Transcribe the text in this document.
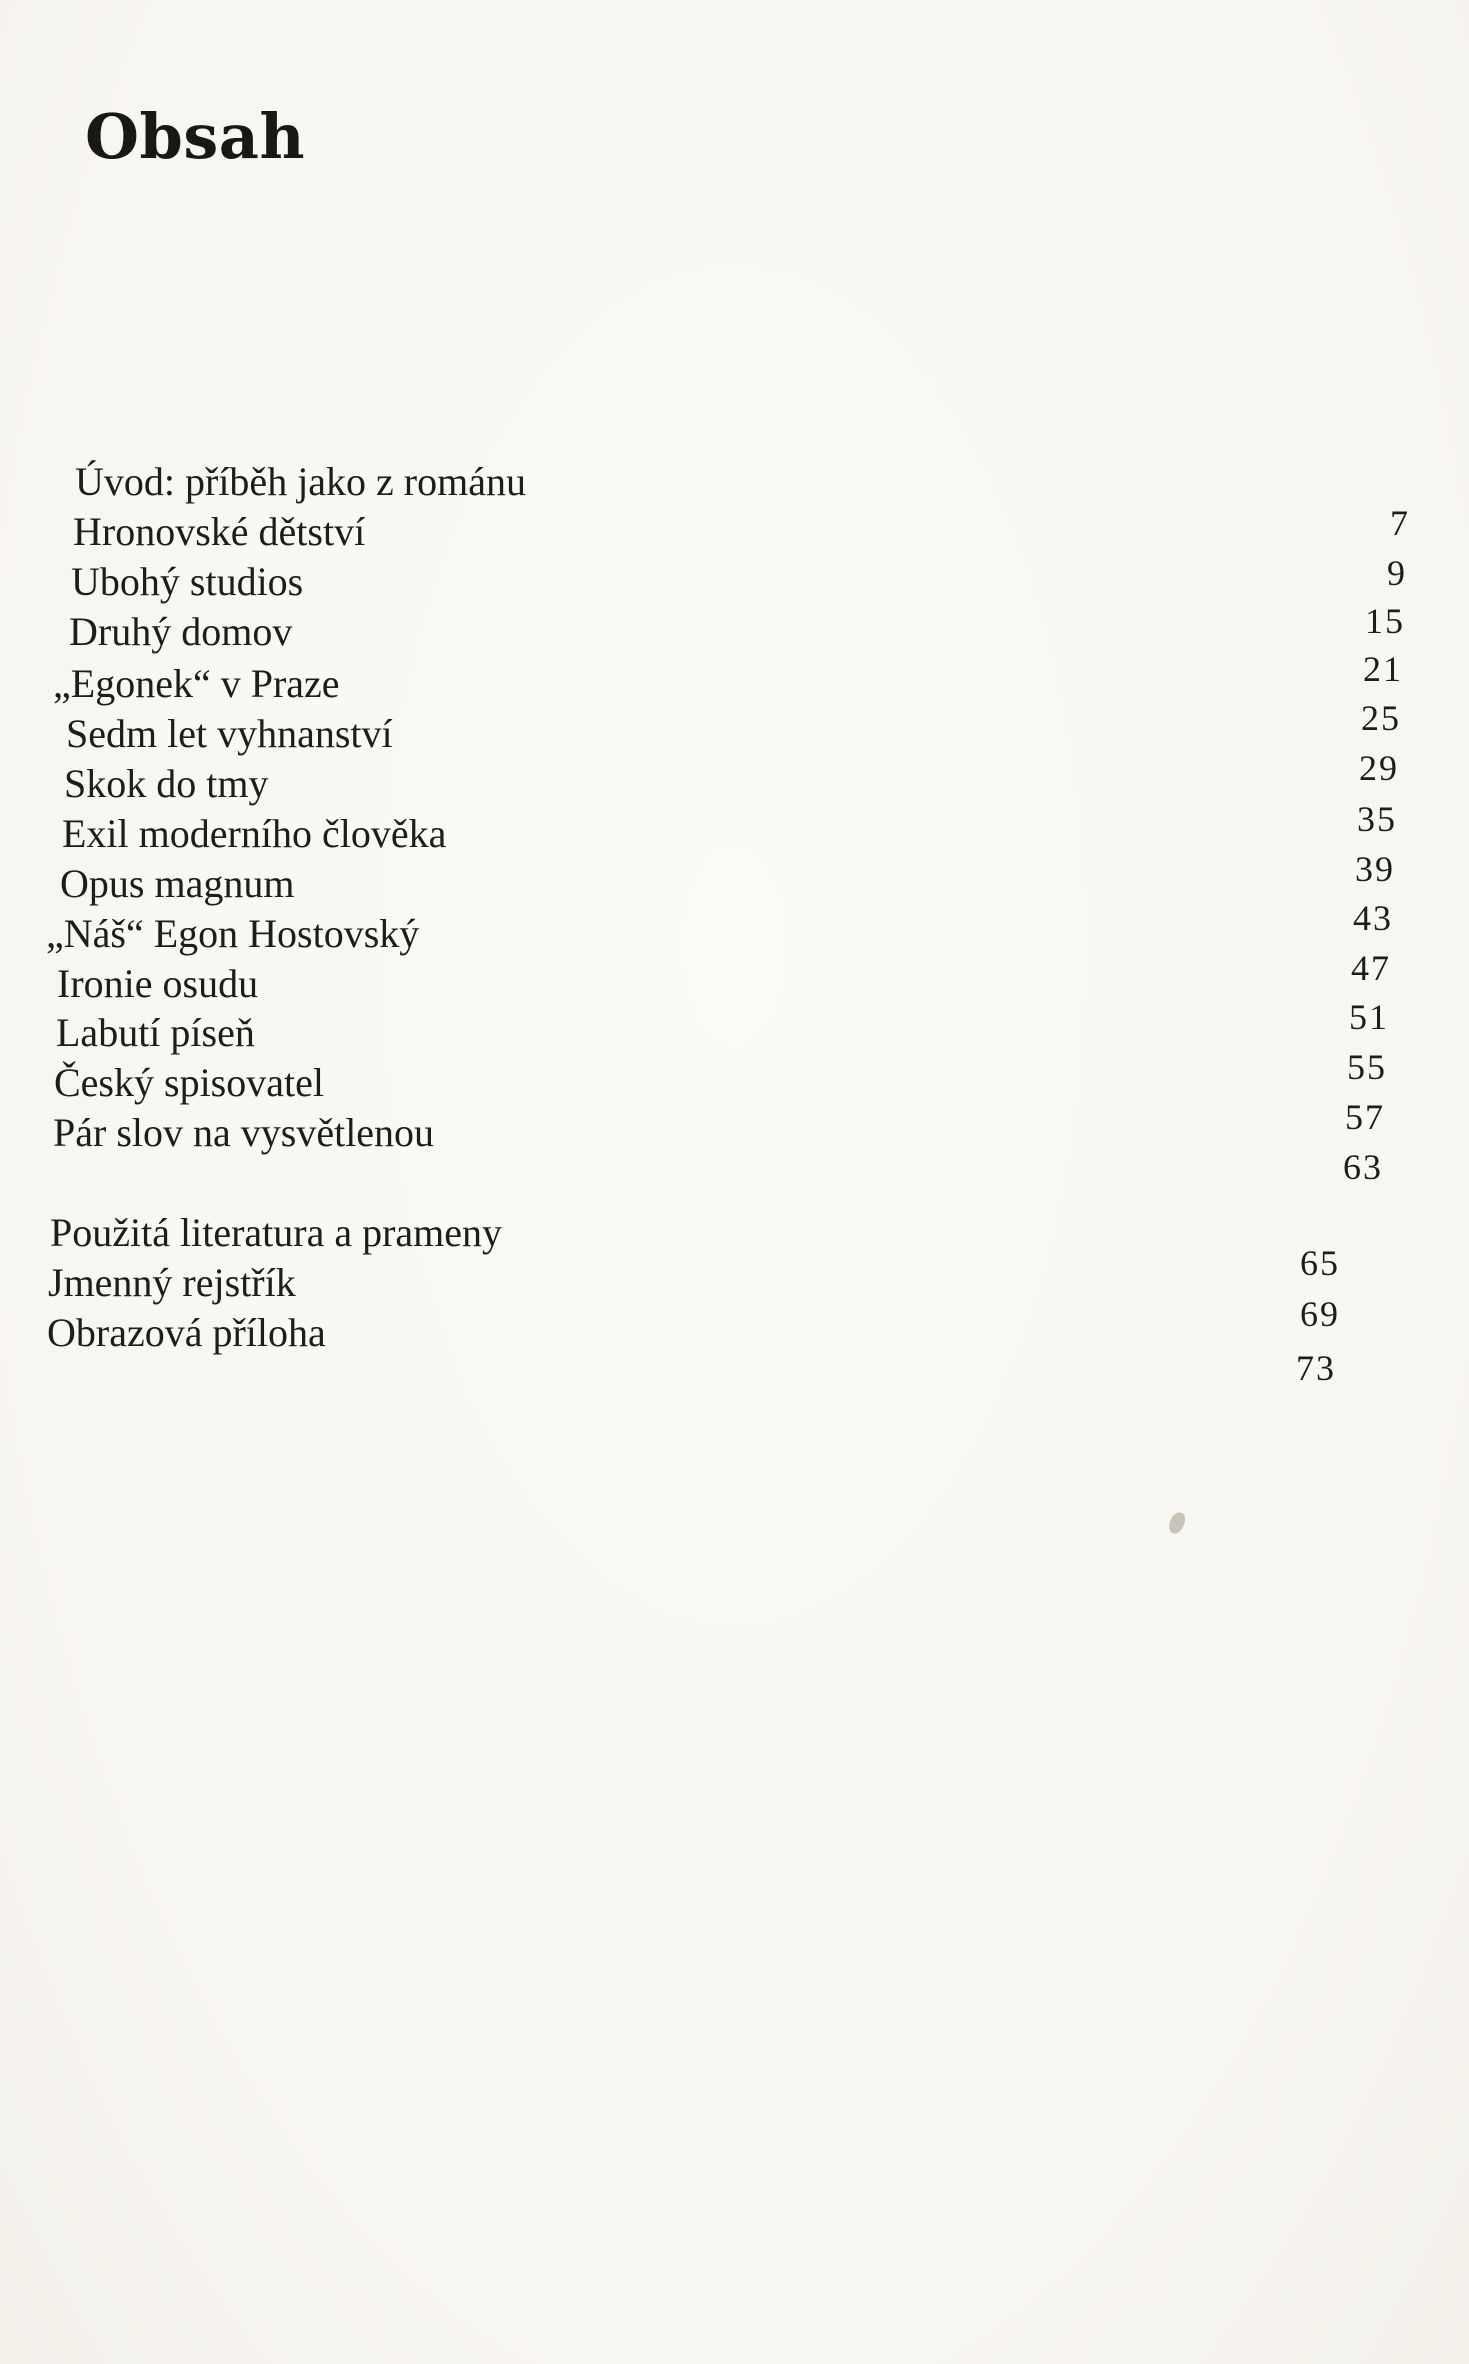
Obsah
Úvod: příběh jako z románu
7
Hronovské dětství
9
Ubohý studios
15
Druhý domov
21
„Egonek“ v Praze
25
Sedm let vyhnanství
29
Skok do tmy
35
Exil moderního člověka
39
Opus magnum
43
„Náš“ Egon Hostovský
47
Ironie osudu
51
Labutí píseň
55
Český spisovatel
57
Pár slov na vysvětlenou
63
Použitá literatura a prameny
65
Jmenný rejstřík
69
Obrazová příloha
73
